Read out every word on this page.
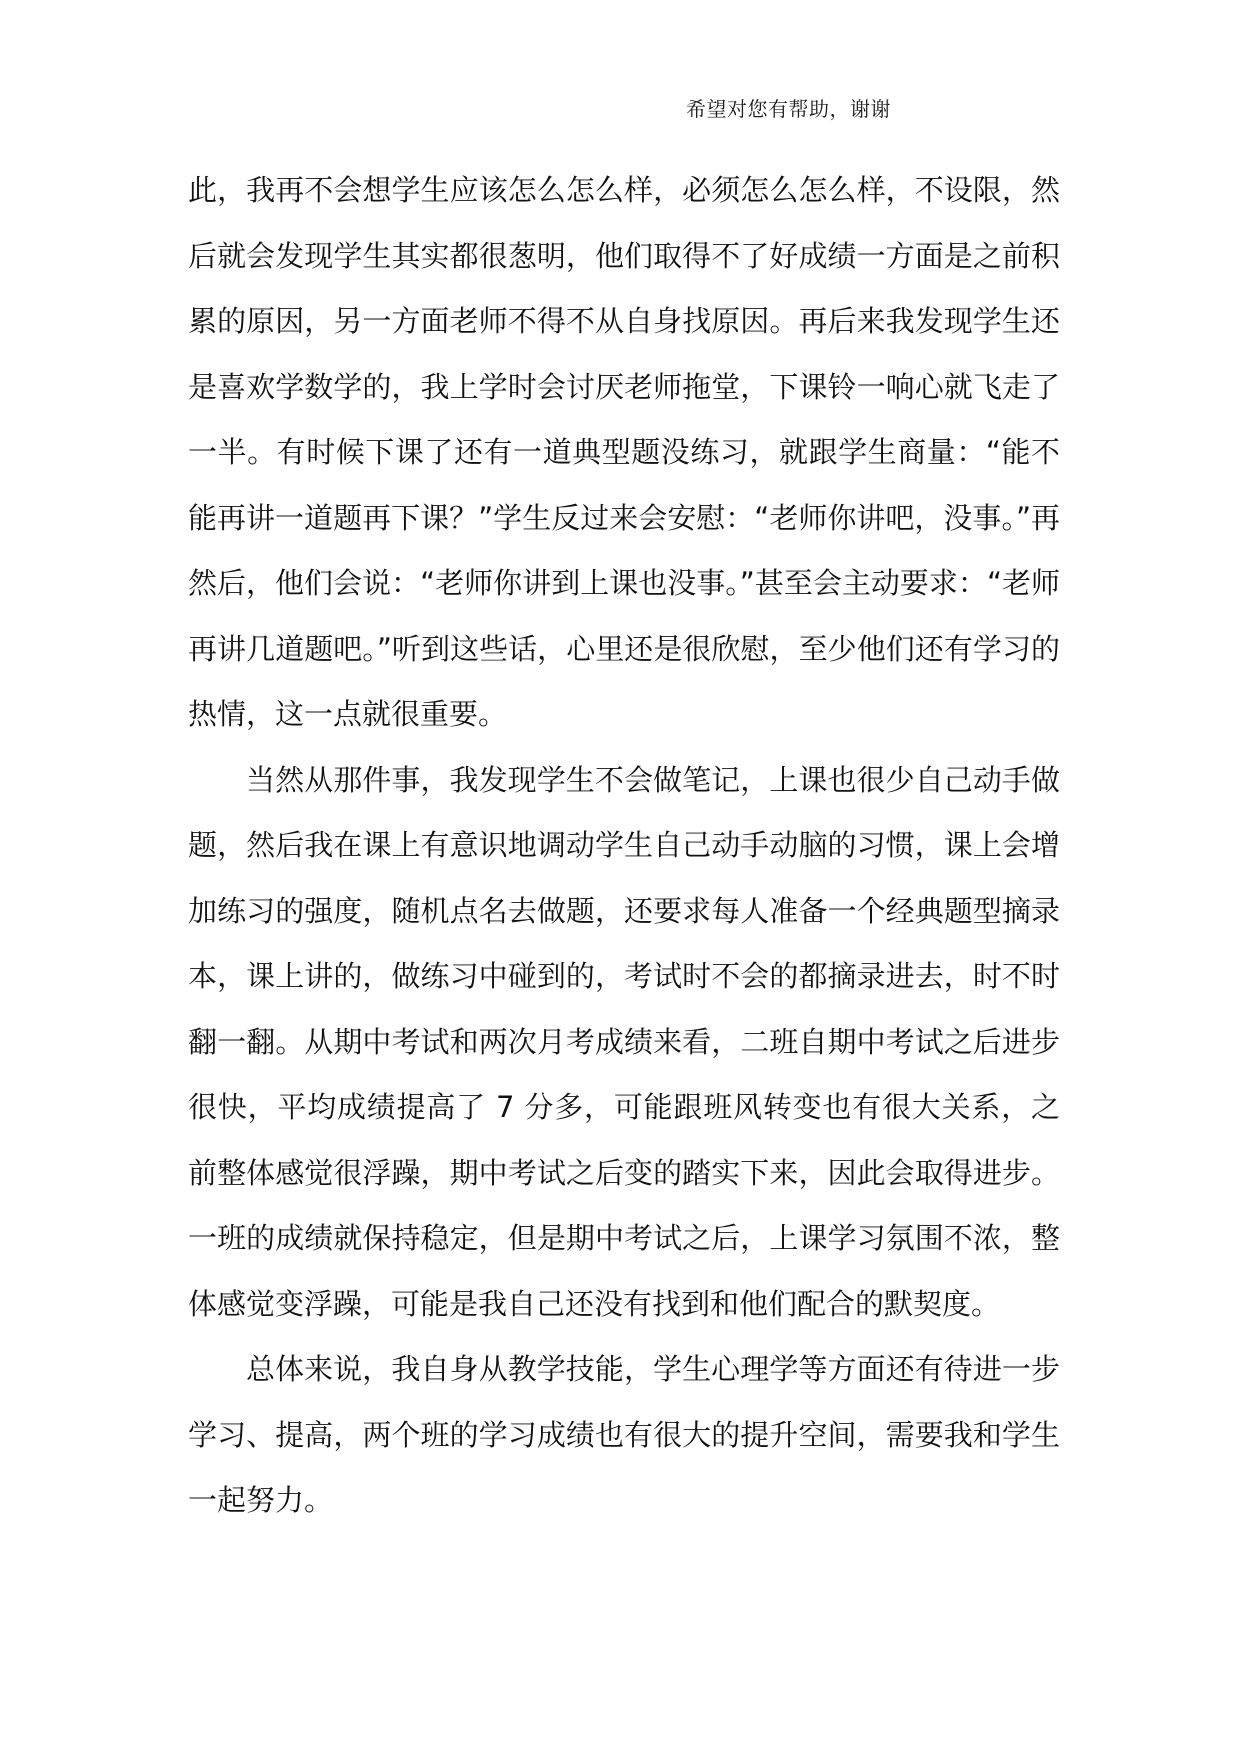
希望对您有帮助，谢谢

此，我再不会想学生应该怎么怎么样，必须怎么怎么样，不设限，然后就会发现学生其实都很葱明，他们取得不了好成绩一方面是之前积累的原因，另一方面老师不得不从自身找原因。再后来我发现学生还是喜欢学数学的，我上学时会讨厌老师拖堂，下课铃一响心就飞走了一半。有时候下课了还有一道典型题没练习，就跟学生商量：“能不能再讲一道题再下课？”学生反过来会安慰：“老师你讲吧，没事。”再然后，他们会说：“老师你讲到上课也没事。”甚至会主动要求：“老师再讲几道题吧。”听到这些话，心里还是很欣慰，至少他们还有学习的热情，这一点就很重要。

当然从那件事，我发现学生不会做笔记，上课也很少自己动手做题，然后我在课上有意识地调动学生自己动手动脑的习惯，课上会增加练习的强度，随机点名去做题，还要求每人准备一个经典题型摘录本，课上讲的，做练习中碰到的，考试时不会的都摘录进去，时不时翻一翻。从期中考试和两次月考成绩来看，二班自期中考试之后进步很快，平均成绩提高了 7 分多，可能跟班风转变也有很大关系，之前整体感觉很浮躁，期中考试之后变的踏实下来，因此会取得进步。一班的成绩就保持稳定，但是期中考试之后，上课学习氛围不浓，整体感觉变浮躁，可能是我自己还没有找到和他们配合的默契度。

总体来说，我自身从教学技能，学生心理学等方面还有待进一步学习、提高，两个班的学习成绩也有很大的提升空间，需要我和学生一起努力。
